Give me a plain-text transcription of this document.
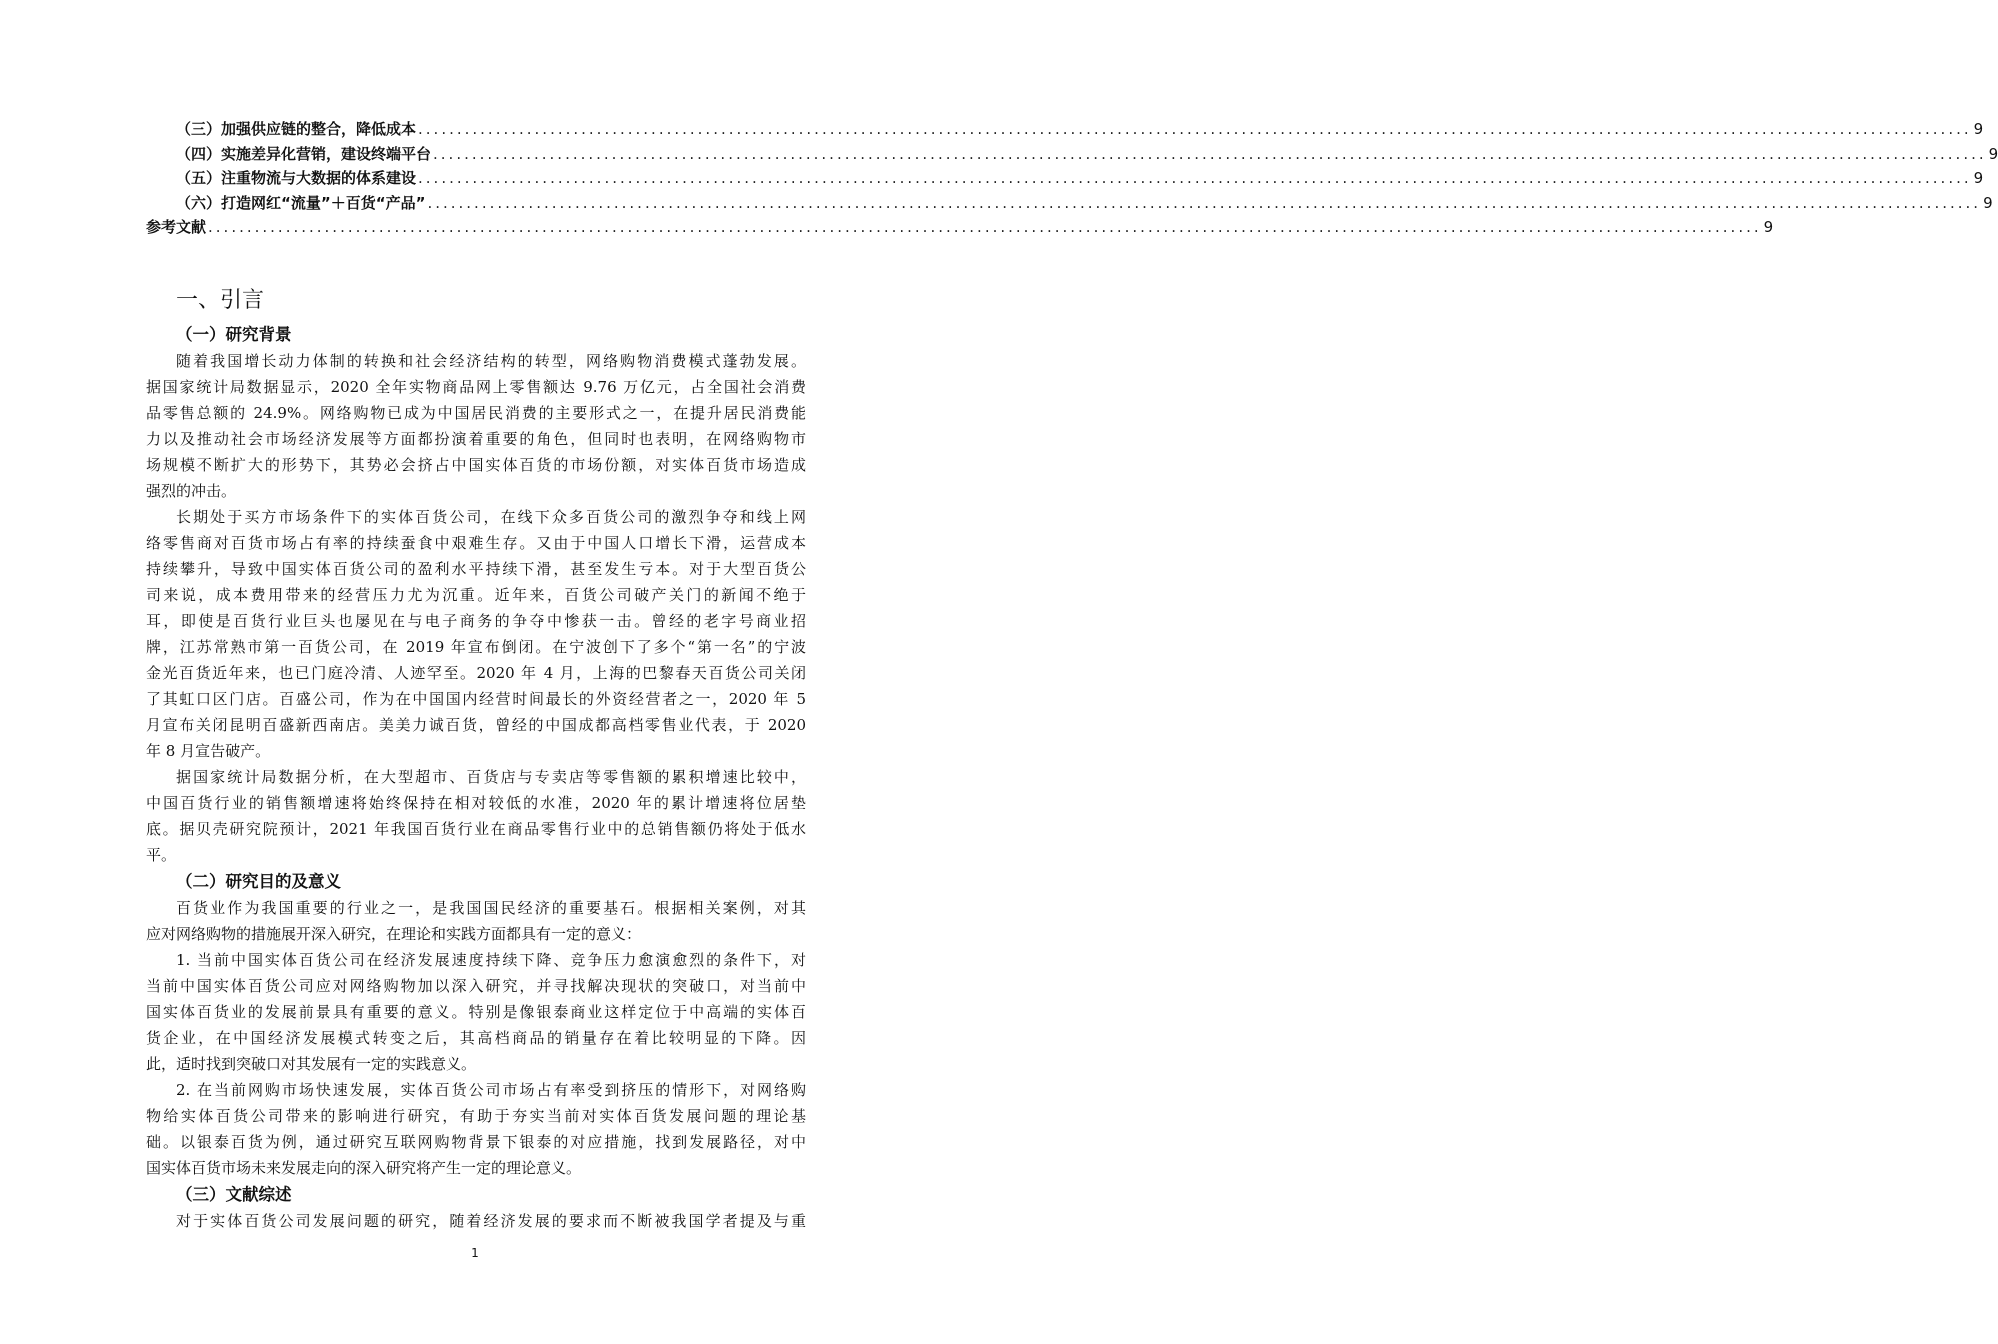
（三）加强供应链的整合，降低成本 ........................................................................................................................................................................................................ 9
（四）实施差异化营销，建设终端平台 ........................................................................................................................................................................................................ 9
（五）注重物流与大数据的体系建设 ........................................................................................................................................................................................................ 9
（六）打造网红“流量”＋百货“产品” ........................................................................................................................................................................................................ 9
参考文献 ........................................................................................................................................................................................................ 9
一、引言
（一）研究背景
随着我国增长动力体制的转换和社会经济结构的转型，网络购物消费模式蓬勃发展。
据国家统计局数据显示，2020 全年实物商品网上零售额达 9.76 万亿元，占全国社会消费
品零售总额的 24.9%。网络购物已成为中国居民消费的主要形式之一，在提升居民消费能
力以及推动社会市场经济发展等方面都扮演着重要的角色，但同时也表明，在网络购物市
场规模不断扩大的形势下，其势必会挤占中国实体百货的市场份额，对实体百货市场造成
强烈的冲击。
长期处于买方市场条件下的实体百货公司，在线下众多百货公司的激烈争夺和线上网
络零售商对百货市场占有率的持续蚕食中艰难生存。又由于中国人口增长下滑，运营成本
持续攀升，导致中国实体百货公司的盈利水平持续下滑，甚至发生亏本。对于大型百货公
司来说，成本费用带来的经营压力尤为沉重。近年来，百货公司破产关门的新闻不绝于
耳，即使是百货行业巨头也屡见在与电子商务的争夺中惨获一击。曾经的老字号商业招
牌，江苏常熟市第一百货公司，在 2019 年宣布倒闭。在宁波创下了多个“第一名”的宁波
金光百货近年来，也已门庭冷清、人迹罕至。2020 年 4 月，上海的巴黎春天百货公司关闭
了其虹口区门店。百盛公司，作为在中国国内经营时间最长的外资经营者之一，2020 年 5
月宣布关闭昆明百盛新西南店。美美力诚百货，曾经的中国成都高档零售业代表，于 2020
年 8 月宣告破产。
据国家统计局数据分析，在大型超市、百货店与专卖店等零售额的累积增速比较中，
中国百货行业的销售额增速将始终保持在相对较低的水准，2020 年的累计增速将位居垫
底。据贝壳研究院预计，2021 年我国百货行业在商品零售行业中的总销售额仍将处于低水
平。
（二）研究目的及意义
百货业作为我国重要的行业之一，是我国国民经济的重要基石。根据相关案例，对其
应对网络购物的措施展开深入研究，在理论和实践方面都具有一定的意义：
1. 当前中国实体百货公司在经济发展速度持续下降、竞争压力愈演愈烈的条件下，对
当前中国实体百货公司应对网络购物加以深入研究，并寻找解决现状的突破口，对当前中
国实体百货业的发展前景具有重要的意义。特别是像银泰商业这样定位于中高端的实体百
货企业，在中国经济发展模式转变之后，其高档商品的销量存在着比较明显的下降。因
此，适时找到突破口对其发展有一定的实践意义。
2. 在当前网购市场快速发展，实体百货公司市场占有率受到挤压的情形下，对网络购
物给实体百货公司带来的影响进行研究，有助于夯实当前对实体百货发展问题的理论基
础。以银泰百货为例，通过研究互联网购物背景下银泰的对应措施，找到发展路径，对中
国实体百货市场未来发展走向的深入研究将产生一定的理论意义。
（三）文献综述
对于实体百货公司发展问题的研究，随着经济发展的要求而不断被我国学者提及与重
1
